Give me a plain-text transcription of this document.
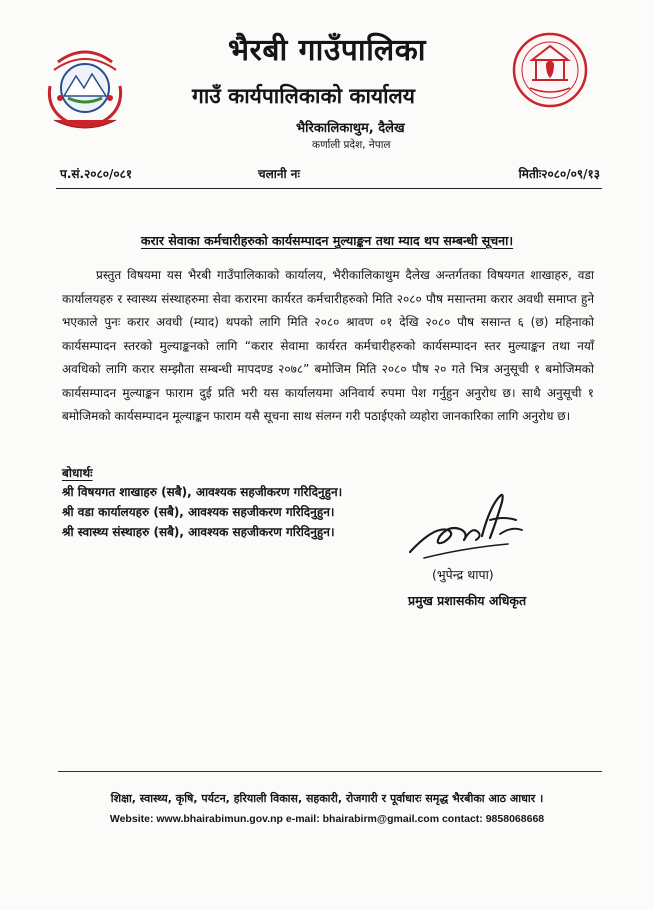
भैरबी गाउँपालिका
गाउँ कार्यपालिकाको कार्यालय
भैरिकालिकाथुम, दैलेख
कर्णाली प्रदेश, नेपाल
प.सं.२०८०/०८१	चलानी नः	मितीः२०८०/०९/१३
करार सेवाका कर्मचारीहरुको कार्यसम्पादन मुल्याङ्कन तथा म्याद थप सम्बन्धी सूचना।
प्रस्तुत विषयमा यस भैरबी गाउँपालिकाको कार्यालय, भैरीकालिकाथुम दैलेख अन्तर्गतका विषयगत शाखाहरु, वडा कार्यालयहरु र स्वास्थ्य संस्थाहरुमा सेवा करारमा कार्यरत कर्मचारीहरुको मिति २०८० पौष मसान्तमा करार अवधी समाप्त हुने भएकाले पुनः करार अवधी (म्याद) थपको लागि मिति २०८० श्रावण ०१ देखि २०८० पौष ससान्त ६ (छ) महिनाको कार्यसम्पादन स्तरको मुल्याङ्कनको लागि “करार सेवामा कार्यरत कर्मचारीहरुको कार्यसम्पादन स्तर मुल्याङ्कन तथा नयाँ अवधिको लागि करार सम्झौता सम्बन्धी मापदण्ड २०७८” बमोजिम मिति २०८० पौष २० गते भित्र अनुसूची १ बमोजिमको कार्यसम्पादन मुल्याङ्कन फाराम दुई प्रति भरी यस कार्यालयमा अनिवार्य रुपमा पेश गर्नुहुन अनुरोध छ। साथै अनुसूची १ बमोजिमको कार्यसम्पादन मूल्याङ्कन फाराम यसै सूचना साथ संलग्न गरी पठाईएको व्यहोरा जानकारिका लागि अनुरोध छ।
बोधार्थः
श्री विषयगत शाखाहरु (सबै), आवश्यक सहजीकरण गरिदिनुहुन।
श्री वडा कार्यालयहरु (सबै), आवश्यक सहजीकरण गरिदिनुहुन।
श्री स्वास्थ्य संस्थाहरु (सबै), आवश्यक सहजीकरण गरिदिनुहुन।
(भुपेन्द्र थापा)
प्रमुख प्रशासकीय अधिकृत
शिक्षा, स्वास्थ्य, कृषि, पर्यटन, हरियाली विकास, सहकारी, रोजगारी र पूर्वाधारः समृद्ध भैरबीका आठ आधार ।
Website: www.bhairabimun.gov.np e-mail: bhairabirm@gmail.com contact: 9858068668
